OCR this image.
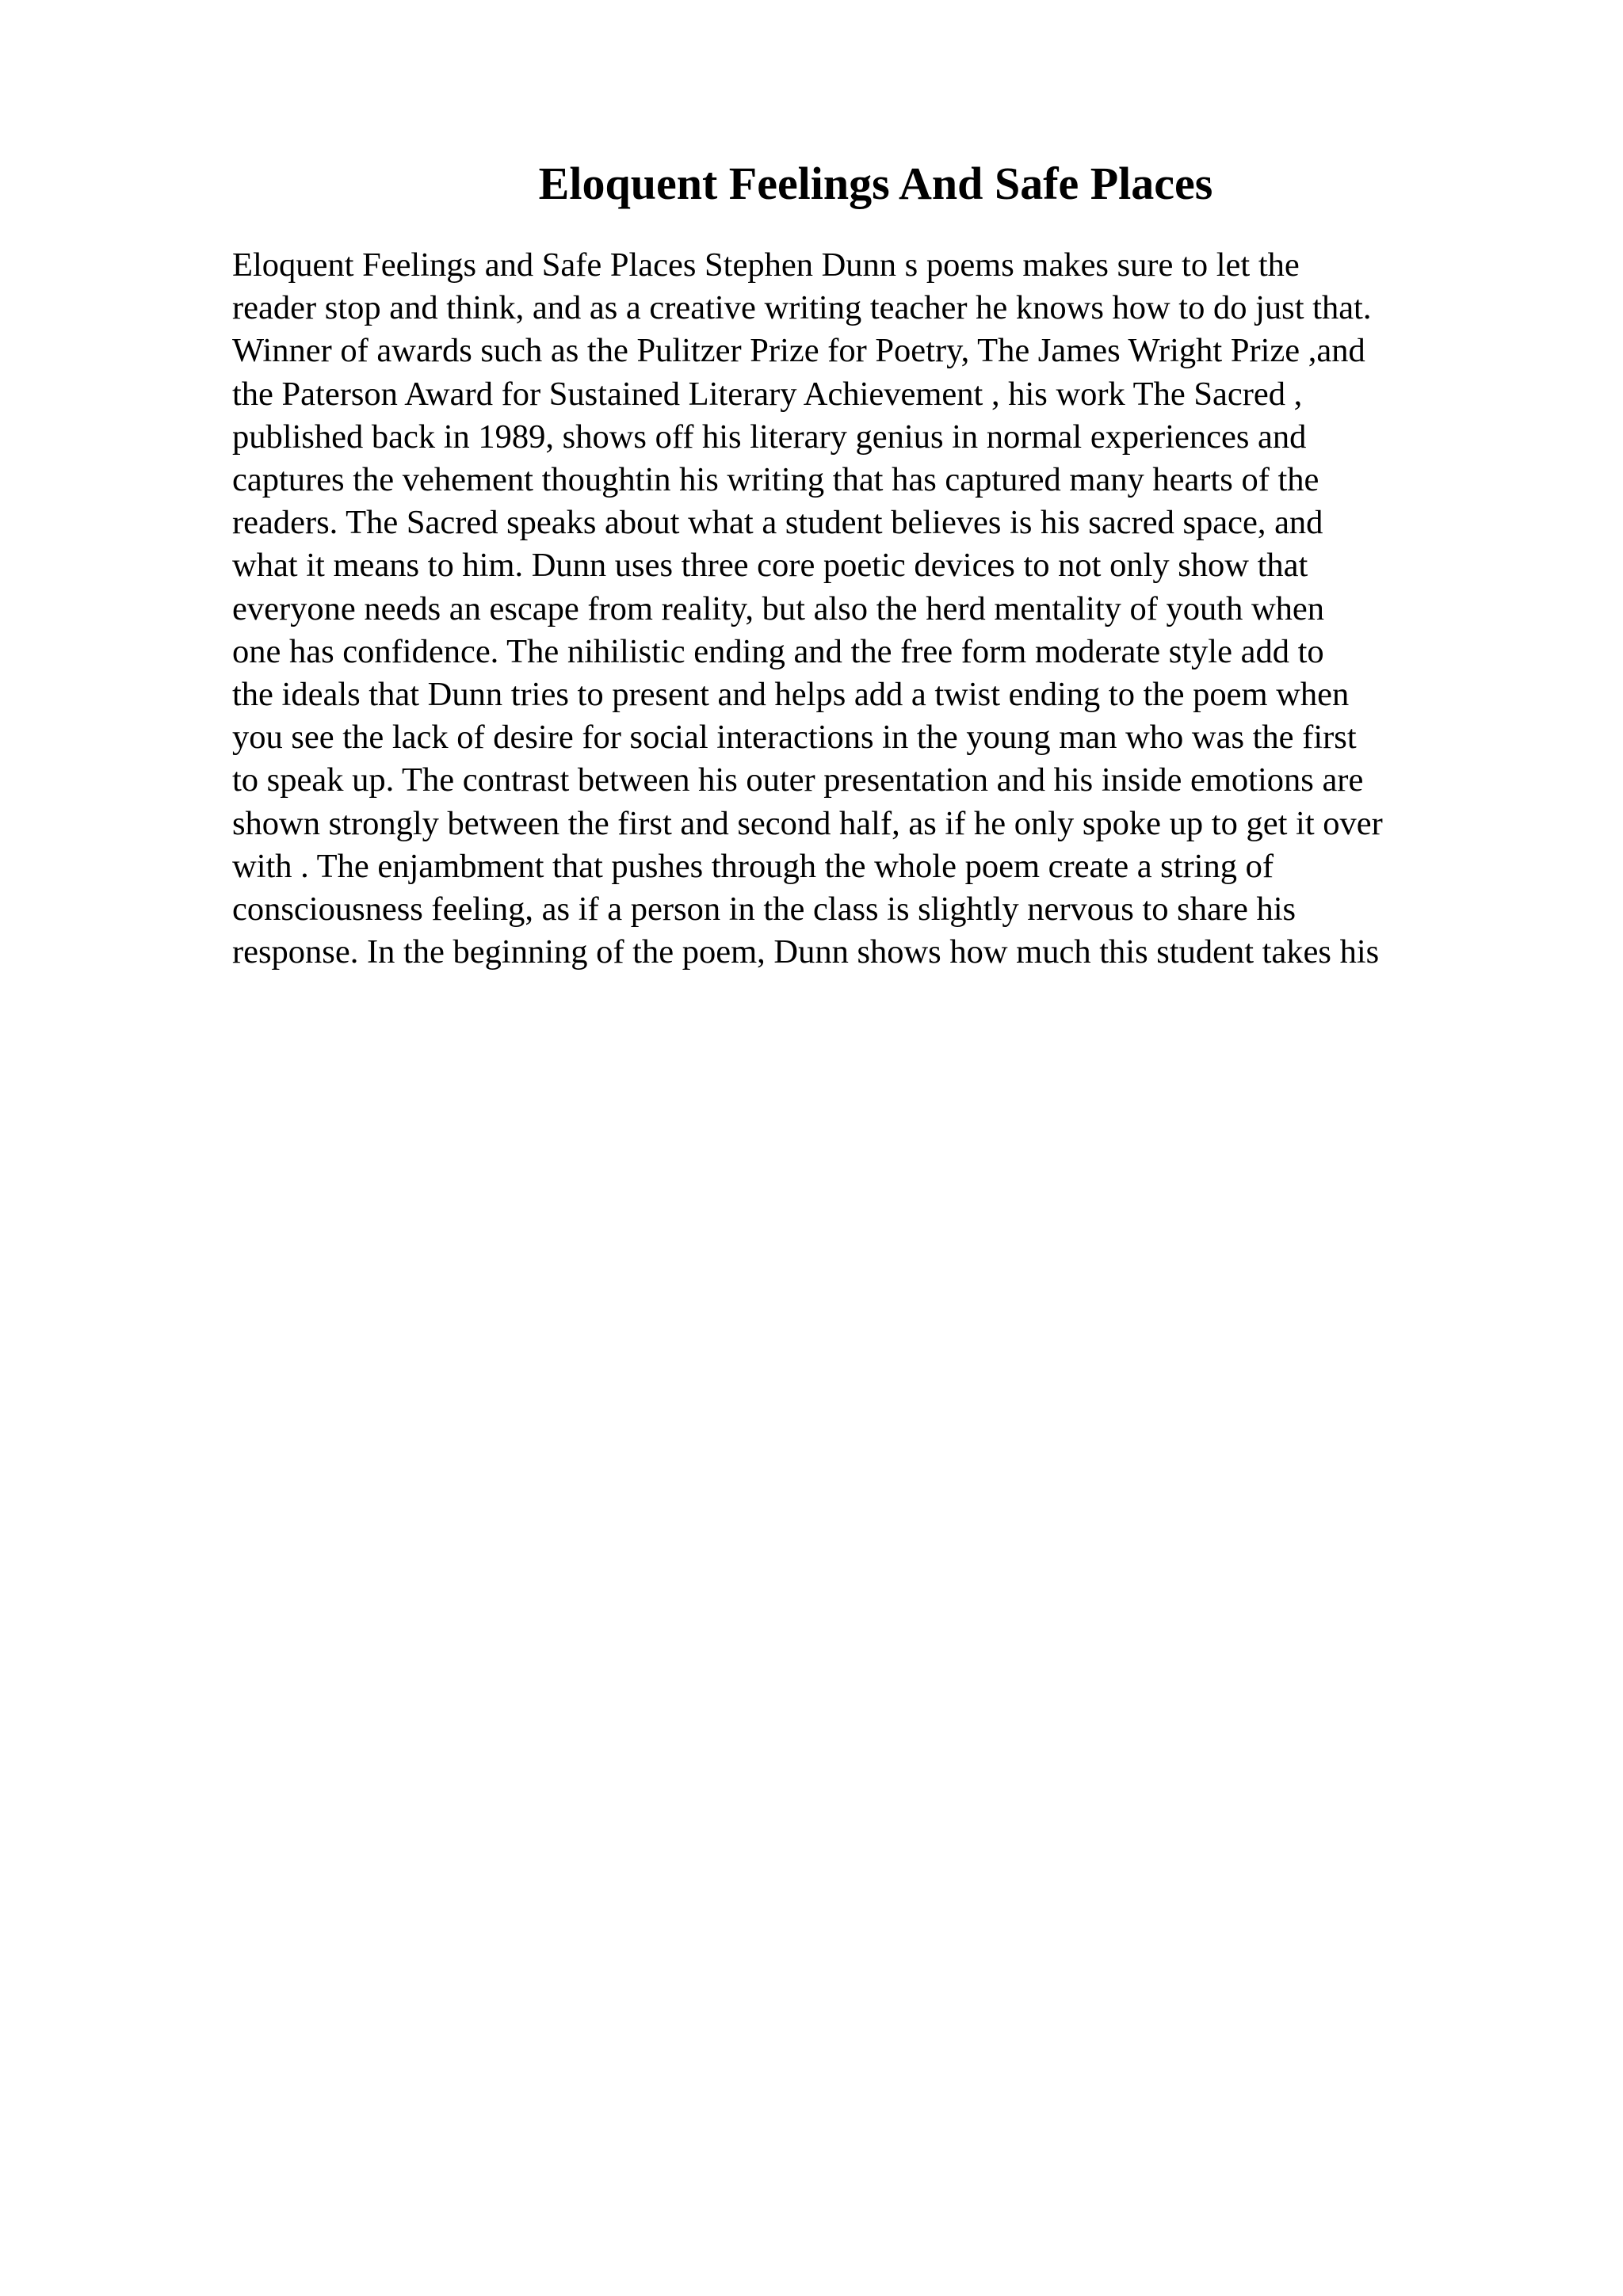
Eloquent Feelings And Safe Places
Eloquent Feelings and Safe Places Stephen Dunn s poems makes sure to let the
reader stop and think, and as a creative writing teacher he knows how to do just that.
Winner of awards such as the Pulitzer Prize for Poetry, The James Wright Prize ,and
the Paterson Award for Sustained Literary Achievement , his work The Sacred ,
published back in 1989, shows off his literary genius in normal experiences and
captures the vehement thoughtin his writing that has captured many hearts of the
readers. The Sacred speaks about what a student believes is his sacred space, and
what it means to him. Dunn uses three core poetic devices to not only show that
everyone needs an escape from reality, but also the herd mentality of youth when
one has confidence. The nihilistic ending and the free form moderate style add to
the ideals that Dunn tries to present and helps add a twist ending to the poem when
you see the lack of desire for social interactions in the young man who was the first
to speak up. The contrast between his outer presentation and his inside emotions are
shown strongly between the first and second half, as if he only spoke up to get it over
with . The enjambment that pushes through the whole poem create a string of
consciousness feeling, as if a person in the class is slightly nervous to share his
response. In the beginning of the poem, Dunn shows how much this student takes his
